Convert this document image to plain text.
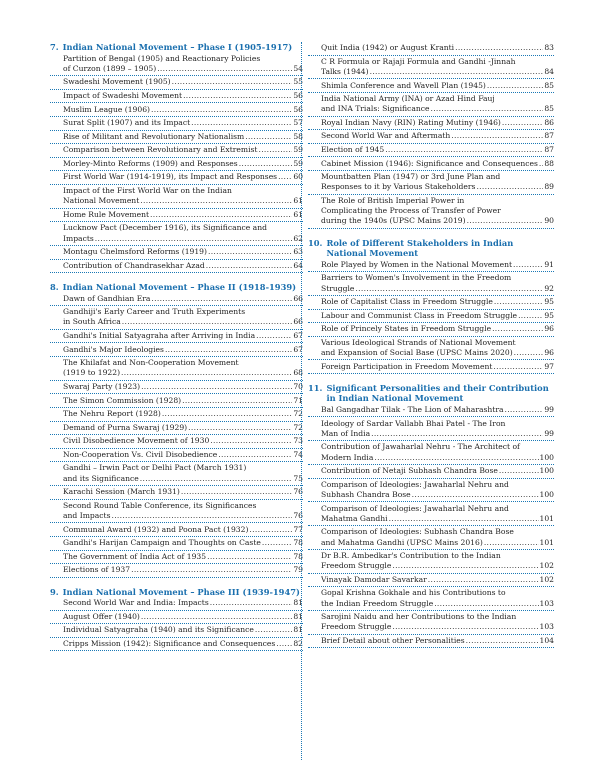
7. Indian National Movement – Phase I (1905-1917)
Partition of Bengal (1905) and Reactionary Policies
of Curzon (1899 – 1905) .....	54
Swadeshi Movement (1905) .....	55
Impact of Swadeshi Movement .....	56
Muslim League (1906) .....	56
Surat Split (1907) and its Impact .....	57
Rise of Militant and Revolutionary Nationalism .....	58
Comparison between Revolutionary and Extremist .....	59
Morley-Minto Reforms (1909) and Responses .....	59
First World War (1914-1919), its Impact and Responses ..... 60
Impact of the First World War on the Indian
National Movement .....	61
Home Rule Movement .....	61
Lucknow Pact (December 1916), its Significance and
Impacts .....	62
Montagu Chelmsford Reforms (1919) .....	63
Contribution of Chandrasekhar Azad .....	64
8. Indian National Movement – Phase II (1918-1939)
Dawn of Gandhian Era .....	66
Gandhiji's Early Career and Truth Experiments
in South Africa .....	66
Gandhi's Initial Satyagraha after Arriving in India .....	67
Gandhi's Major Ideologies .....	67
The Khilafat and Non-Cooperation Movement
(1919 to 1922) .....	68
Swaraj Party (1923) .....	70
The Simon Commission (1928) .....	71
The Nehru Report (1928) .....	72
Demand of Purna Swaraj (1929) .....	72
Civil Disobedience Movement of 1930 .....	73
Non-Cooperation Vs. Civil Disobedience .....	74
Gandhi – Irwin Pact or Delhi Pact (March 1931)
and its Significance .....	75
Karachi Session (March 1931) .....	76
Second Round Table Conference, its Significances
and Impacts .....	76
Communal Award (1932) and Poona Pact (1932) .....	77
Gandhi's Harijan Campaign and Thoughts on Caste .....	78
The Government of India Act of 1935 .....	78
Elections of 1937 .....	79
9. Indian National Movement – Phase III (1939-1947)
Second World War and India: Impacts .....	81
August Offer (1940) .....	81
Individual Satyagraha (1940) and its Significance .....	81
Cripps Mission (1942): Significance and Consequences ..... 82
Quit India (1942) or August Kranti .....	83
C R Formula or Rajaji Formula and Gandhi -Jinnah
Talks (1944) .....	84
Shimla Conference and Wavell Plan (1945) .....	85
India National Army (INA) or Azad Hind Fauj
and INA Trials: Significance .....	85
Royal Indian Navy (RIN) Rating Mutiny (1946) .....	86
Second World War and Aftermath .....	87
Election of 1945 .....	87
Cabinet Mission (1946): Significance and Consequences ..... 88
Mountbatten Plan (1947) or 3rd June Plan and
Responses to it by Various Stakeholders .....	89
The Role of British Imperial Power in
Complicating the Process of Transfer of Power
during the 1940s (UPSC Mains 2019) .....	90
10. Role of Different Stakeholders in Indian National Movement
Role Played by Women in the National Movement .....	91
Barriers to Women's Involvement in the Freedom
Struggle .....	92
Role of Capitalist Class in Freedom Struggle .....	95
Labour and Communist Class in Freedom Struggle .....	95
Role of Princely States in Freedom Struggle .....	96
Various Ideological Strands of National Movement
and Expansion of Social Base (UPSC Mains 2020) .....	96
Foreign Participation in Freedom Movement .....	97
11. Significant Personalities and their Contribution in Indian National Movement
Bal Gangadhar Tilak - The Lion of Maharashtra .....	99
Ideology of Sardar Vallabh Bhai Patel - The Iron
Man of India .....	99
Contribution of Jawaharlal Nehru - The Architect of
Modern India .....	100
Contribution of Netaji Subhash Chandra Bose .....	100
Comparison of Ideologies: Jawaharlal Nehru and
Subhash Chandra Bose .....	100
Comparison of Ideologies: Jawaharlal Nehru and
Mahatma Gandhi .....	101
Comparison of Ideologies: Subhash Chandra Bose
and Mahatma Gandhi (UPSC Mains 2016) .....	101
Dr B.R. Ambedkar's Contribution to the Indian
Freedom Struggle .....	102
Vinayak Damodar Savarkar .....	102
Gopal Krishna Gokhale and his Contributions to
the Indian Freedom Struggle .....	103
Sarojini Naidu and her Contributions to the Indian
Freedom Struggle .....	103
Brief Detail about other Personalities .....	104
